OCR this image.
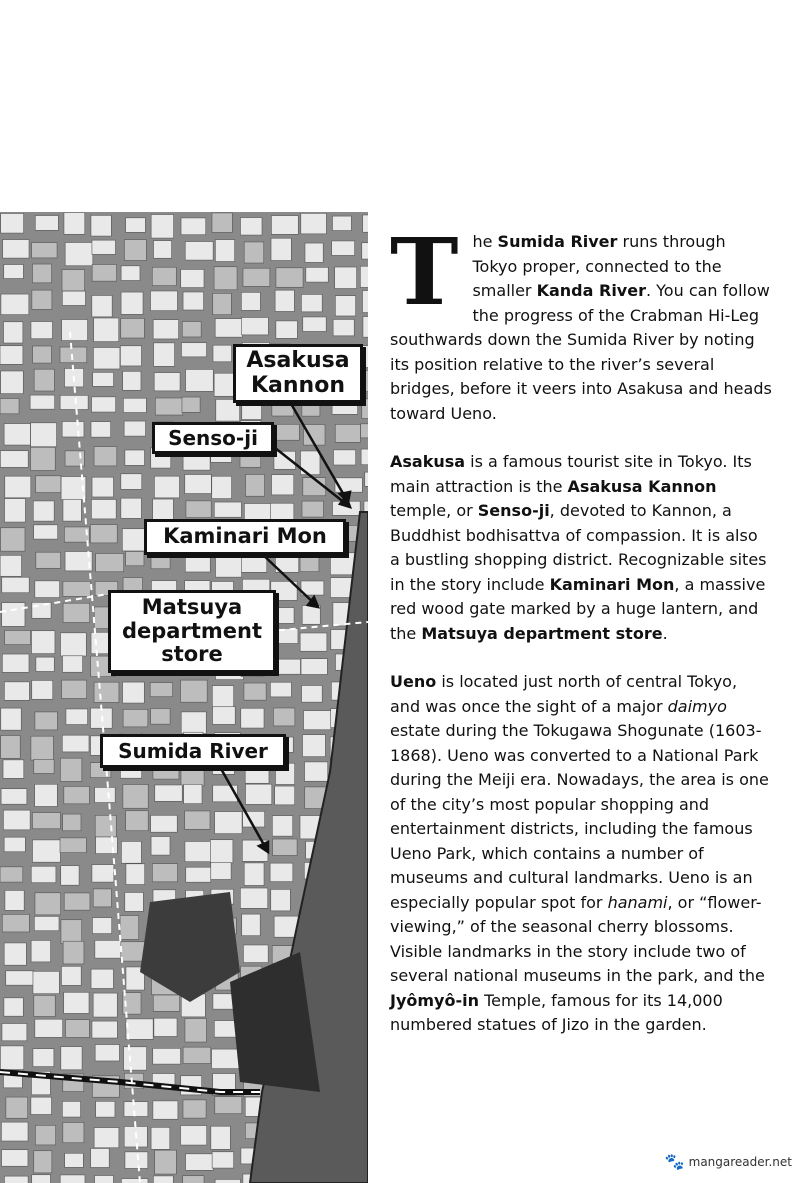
Asakusa
Kannon
Senso-ji
Kaminari Mon
Matsuya
department
store
Sumida River

The Sumida River runs through Tokyo proper, connected to the smaller Kanda River. You can follow the progress of the Crabman Hi-Leg southwards down the Sumida River by noting its position relative to the river’s several bridges, before it veers into Asakusa and heads toward Ueno.

Asakusa is a famous tourist site in Tokyo. Its main attraction is the Asakusa Kannon temple, or Senso-ji, devoted to Kannon, a Buddhist bodhisattva of compassion. It is also a bustling shopping district. Recognizable sites in the story include Kaminari Mon, a massive red wood gate marked by a huge lantern, and the Matsuya department store.

Ueno is located just north of central Tokyo, and was once the sight of a major daimyo estate during the Tokugawa Shogunate (1603-1868). Ueno was converted to a National Park during the Meiji era. Nowadays, the area is one of the city’s most popular shopping and entertainment districts, including the famous Ueno Park, which contains a number of museums and cultural landmarks. Ueno is an especially popular spot for hanami, or “flower-viewing,” of the seasonal cherry blossoms. Visible landmarks in the story include two of several national museums in the park, and the Jyômyô-in Temple, famous for its 14,000 numbered statues of Jizo in the garden.

🐾 mangareader.net
